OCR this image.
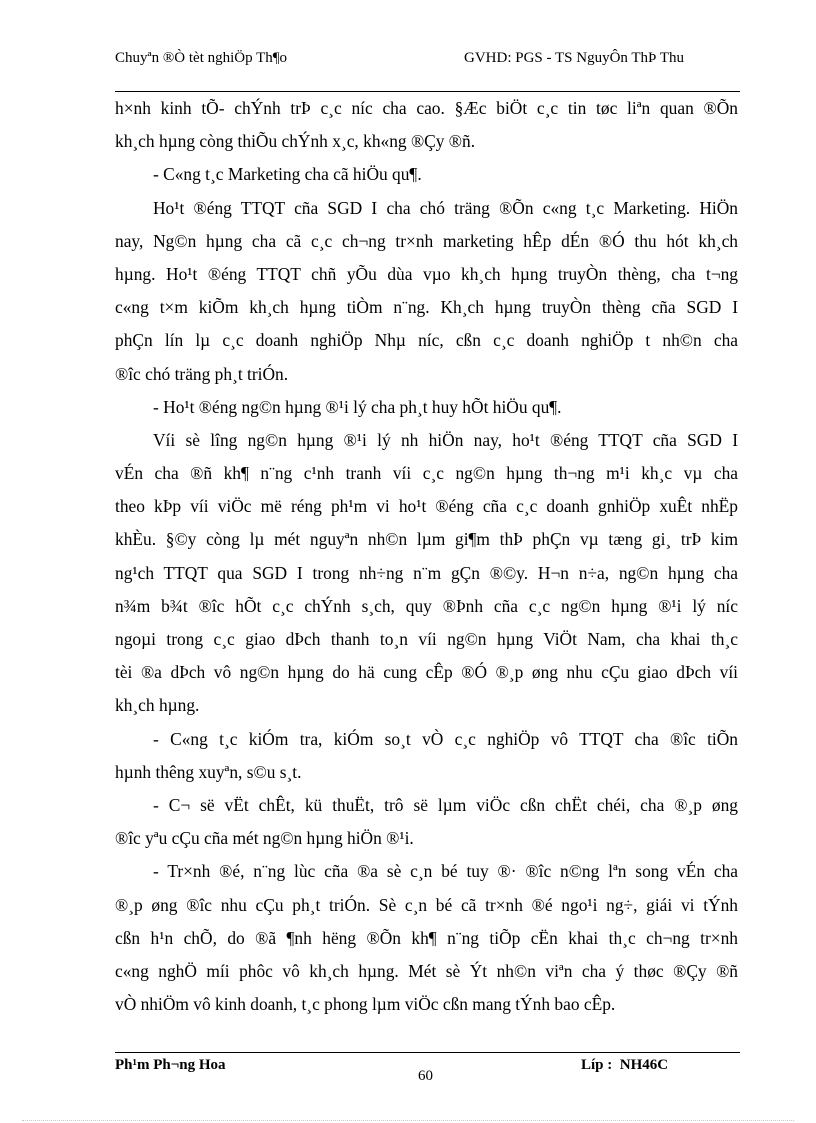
Chuyªn ®Ò tèt nghiÖp Th¶o	GVHD: PGS - TS NguyÔn ThÞ Thu
h×nh kinh tÕ- chÝnh trÞ c¸c níc cha cao. §Æc biÖt c¸c tin tøc liªn quan ®Õn
kh¸ch hµng còng thiÕu chÝnh x¸c, kh«ng ®Çy ®ñ.
- C«ng t¸c Marketing cha cã hiÖu qu¶.
Ho¹t ®éng TTQT cña SGD I cha chó träng ®Õn c«ng t¸c Marketing. HiÖn
nay, Ng©n hµng cha cã c¸c ch¬ng tr×nh marketing hÊp dÉn ®Ó thu hót kh¸ch
hµng. Ho¹t ®éng TTQT chñ yÕu dùa vµo kh¸ch hµng truyÒn thèng, cha t¬ng
c«ng t×m kiÕm kh¸ch hµng tiÒm n¨ng. Kh¸ch hµng truyÒn thèng cña SGD I
phÇn lín lµ c¸c doanh nghiÖp Nhµ níc, cßn c¸c doanh nghiÖp t nh©n cha
®îc chó träng ph¸t triÓn.
- Ho¹t ®éng ng©n hµng ®¹i lý cha ph¸t huy hÕt hiÖu qu¶.
Víi sè lîng ng©n hµng ®¹i lý nh hiÖn nay, ho¹t ®éng TTQT cña SGD I
vÉn cha ®ñ kh¶ n¨ng c¹nh tranh víi c¸c ng©n hµng th¬ng m¹i kh¸c vµ cha
theo kÞp víi viÖc më réng ph¹m vi ho¹t ®éng cña c¸c doanh gnhiÖp xuÊt nhËp
khÈu. §©y còng lµ mét nguyªn nh©n lµm gi¶m thÞ phÇn vµ tæng gi¸ trÞ kim
ng¹ch TTQT qua SGD I trong nh÷ng n¨m gÇn ®©y. H¬n n÷a, ng©n hµng cha
n¾m b¾t ®îc hÕt c¸c chÝnh s¸ch, quy ®Þnh cña c¸c ng©n hµng ®¹i lý níc
ngoµi trong c¸c giao dÞch thanh to¸n víi ng©n hµng ViÖt Nam, cha khai th¸c
tèi ®a dÞch vô ng©n hµng do hä cung cÊp ®Ó ®¸p øng nhu cÇu giao dÞch víi
kh¸ch hµng.
- C«ng t¸c kiÓm tra, kiÓm so¸t vÒ c¸c nghiÖp vô TTQT cha ®îc tiÕn
hµnh thêng xuyªn, s©u s¸t.
- C¬ së vËt chÊt, kü thuËt, trô së lµm viÖc cßn chËt chéi, cha ®¸p øng
®îc yªu cÇu cña mét ng©n hµng hiÖn ®¹i.
- Tr×nh ®é, n¨ng lùc cña ®a sè c¸n bé tuy ®· ®îc n©ng lªn song vÉn cha
®¸p øng ®îc nhu cÇu ph¸t triÓn. Sè c¸n bé cã tr×nh ®é ngo¹i ng÷, giái vi tÝnh
cßn h¹n chÕ, do ®ã ¶nh hëng ®Õn kh¶ n¨ng tiÕp cËn khai th¸c ch¬ng tr×nh
c«ng nghÖ míi phôc vô kh¸ch hµng. Mét sè Ýt nh©n viªn cha ý thøc ®Çy ®ñ
vÒ nhiÖm vô kinh doanh, t¸c phong lµm viÖc cßn mang tÝnh bao cÊp.
Ph¹m Ph¬ng Hoa
60
Líp :  NH46C
